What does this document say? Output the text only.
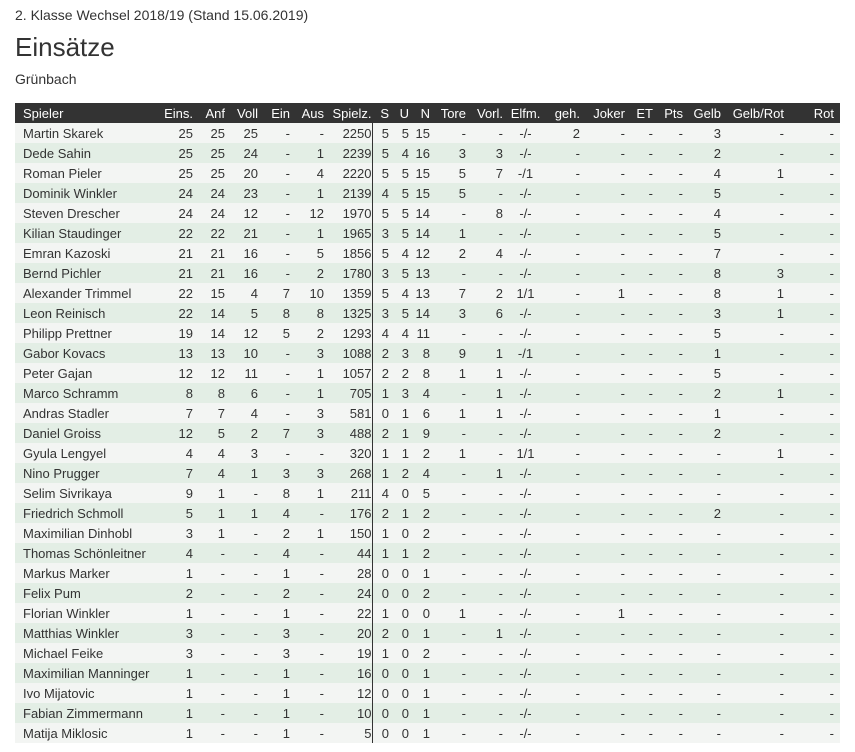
2. Klasse Wechsel 2018/19 (Stand 15.06.2019)
Einsätze
Grünbach
Spieler	Eins.	Anf	Voll	Ein	Aus	Spielz.	S	U	N	Tore	Vorl.	Elfm.	geh.	Joker	ET	Pts	Gelb	Gelb/Rot	Rot
Martin Skarek	25	25	25	-	-	2250	5	5	15	-	-	-/-	2	-	-	-	3	-	-
Dede Sahin	25	25	24	-	1	2239	5	4	16	3	3	-/-	-	-	-	-	2	-	-
Roman Pieler	25	25	20	-	4	2220	5	5	15	5	7	-/1	-	-	-	-	4	1	-
Dominik Winkler	24	24	23	-	1	2139	4	5	15	5	-	-/-	-	-	-	-	5	-	-
Steven Drescher	24	24	12	-	12	1970	5	5	14	-	8	-/-	-	-	-	-	4	-	-
Kilian Staudinger	22	22	21	-	1	1965	3	5	14	1	-	-/-	-	-	-	-	5	-	-
Emran Kazoski	21	21	16	-	5	1856	5	4	12	2	4	-/-	-	-	-	-	7	-	-
Bernd Pichler	21	21	16	-	2	1780	3	5	13	-	-	-/-	-	-	-	-	8	3	-
Alexander Trimmel	22	15	4	7	10	1359	5	4	13	7	2	1/1	-	1	-	-	8	1	-
Leon Reinisch	22	14	5	8	8	1325	3	5	14	3	6	-/-	-	-	-	-	3	1	-
Philipp Prettner	19	14	12	5	2	1293	4	4	11	-	-	-/-	-	-	-	-	5	-	-
Gabor Kovacs	13	13	10	-	3	1088	2	3	8	9	1	-/1	-	-	-	-	1	-	-
Peter Gajan	12	12	11	-	1	1057	2	2	8	1	1	-/-	-	-	-	-	5	-	-
Marco Schramm	8	8	6	-	1	705	1	3	4	-	1	-/-	-	-	-	-	2	1	-
Andras Stadler	7	7	4	-	3	581	0	1	6	1	1	-/-	-	-	-	-	1	-	-
Daniel Groiss	12	5	2	7	3	488	2	1	9	-	-	-/-	-	-	-	-	2	-	-
Gyula Lengyel	4	4	3	-	-	320	1	1	2	1	-	1/1	-	-	-	-	-	1	-
Nino Prugger	7	4	1	3	3	268	1	2	4	-	1	-/-	-	-	-	-	-	-	-
Selim Sivrikaya	9	1	-	8	1	211	4	0	5	-	-	-/-	-	-	-	-	-	-	-
Friedrich Schmoll	5	1	1	4	-	176	2	1	2	-	-	-/-	-	-	-	-	2	-	-
Maximilian Dinhobl	3	1	-	2	1	150	1	0	2	-	-	-/-	-	-	-	-	-	-	-
Thomas Schönleitner	4	-	-	4	-	44	1	1	2	-	-	-/-	-	-	-	-	-	-	-
Markus Marker	1	-	-	1	-	28	0	0	1	-	-	-/-	-	-	-	-	-	-	-
Felix Pum	2	-	-	2	-	24	0	0	2	-	-	-/-	-	-	-	-	-	-	-
Florian Winkler	1	-	-	1	-	22	1	0	0	1	-	-/-	-	1	-	-	-	-	-
Matthias Winkler	3	-	-	3	-	20	2	0	1	-	1	-/-	-	-	-	-	-	-	-
Michael Feike	3	-	-	3	-	19	1	0	2	-	-	-/-	-	-	-	-	-	-	-
Maximilian Manninger	1	-	-	1	-	16	0	0	1	-	-	-/-	-	-	-	-	-	-	-
Ivo Mijatovic	1	-	-	1	-	12	0	0	1	-	-	-/-	-	-	-	-	-	-	-
Fabian Zimmermann	1	-	-	1	-	10	0	0	1	-	-	-/-	-	-	-	-	-	-	-
Matija Miklosic	1	-	-	1	-	5	0	0	1	-	-	-/-	-	-	-	-	-	-	-
